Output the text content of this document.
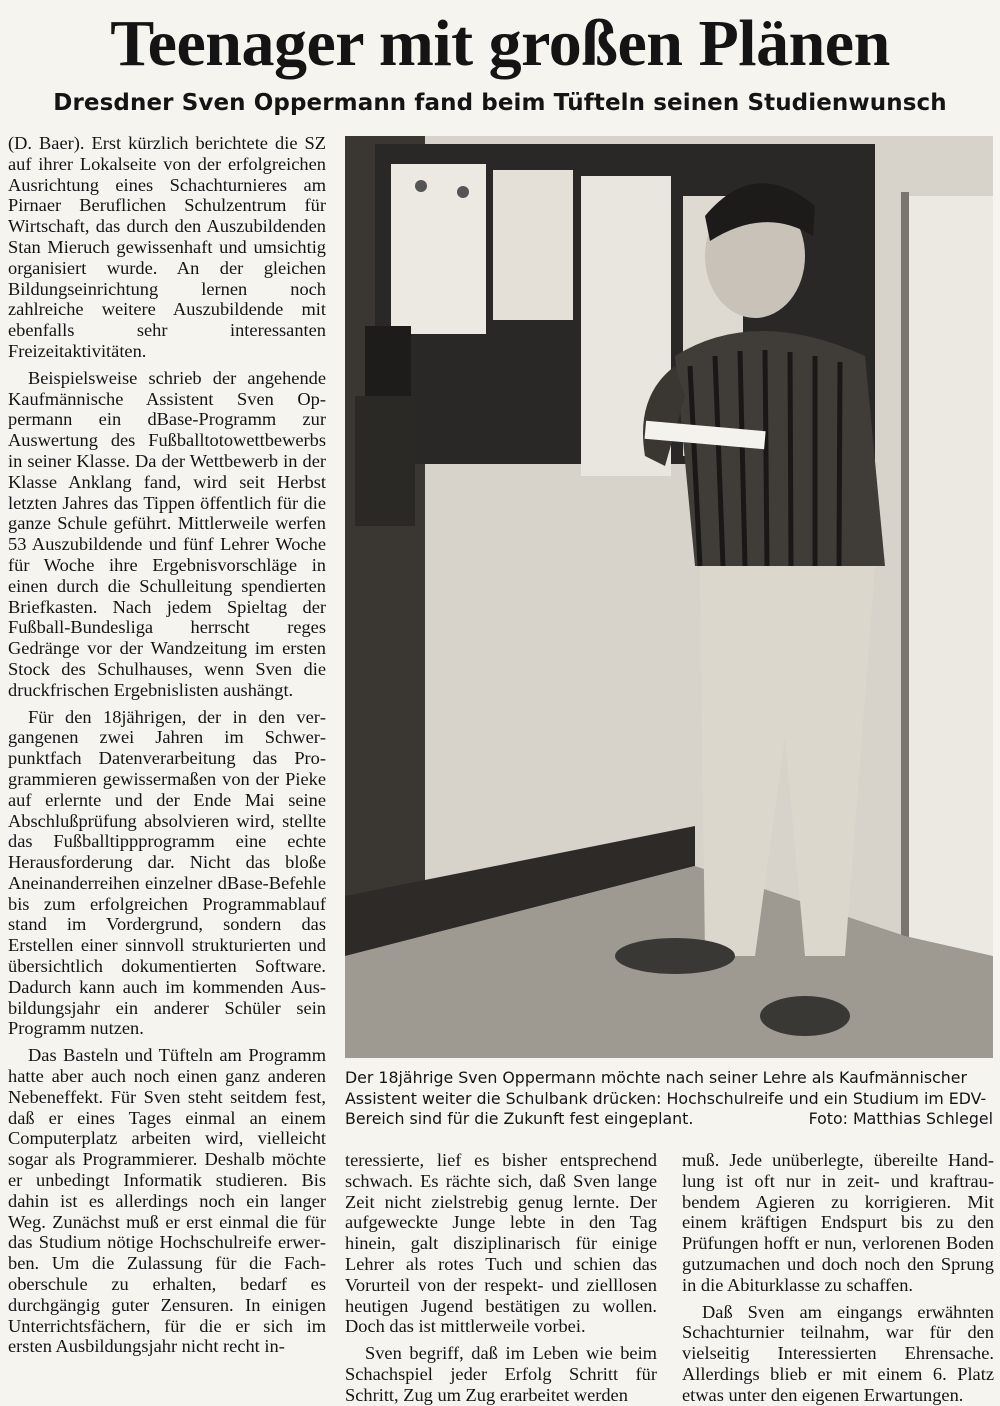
Teenager mit großen Plänen
Dresdner Sven Oppermann fand beim Tüfteln seinen Studienwunsch

(D. Baer). Erst kürzlich berichtete die SZ auf ihrer Lokalseite von der erfolgreichen Ausrichtung eines Schachturnieres am Pirnaer Beruflichen Schulzentrum für Wirtschaft, das durch den Auszubildenden Stan Mieruch gewissenhaft und umsichtig organisiert wurde. An der gleichen Bildungseinrichtung lernen noch zahlreiche weitere Auszubildende mit ebenfalls sehr interessanten Freizeitaktivitäten.

Beispielsweise schrieb der angehende Kaufmännische Assistent Sven Oppermann ein dBase-Programm zur Auswertung des Fußballtotowettbewerbs in seiner Klasse. Da der Wettbewerb in der Klasse Anklang fand, wird seit Herbst letzten Jahres das Tippen öffentlich für die ganze Schule geführt. Mittlerweile werfen 53 Auszubildende und fünf Lehrer Woche für Woche ihre Ergebnisvorschläge in einen durch die Schulleitung spendierten Briefkasten. Nach jedem Spieltag der Fußball-Bundesliga herrscht reges Gedränge vor der Wandzeitung im ersten Stock des Schulhauses, wenn Sven die druckfrischen Ergebnislisten aushängt.

Für den 18jährigen, der in den vergangenen zwei Jahren im Schwerpunktfach Datenverarbeitung das Programmieren gewissermaßen von der Pieke auf erlernte und der Ende Mai seine Abschlußprüfung absolvieren wird, stellte das Fußballtippprogramm eine echte Herausforderung dar. Nicht das bloße Aneinanderreihen einzelner dBase-Befehle bis zum erfolgreichen Programmablauf stand im Vordergrund, sondern das Erstellen einer sinnvoll strukturierten und übersichtlich dokumentierten Software. Dadurch kann auch im kommenden Ausbildungsjahr ein anderer Schüler sein Programm nutzen.

Das Basteln und Tüfteln am Programm hatte aber auch noch einen ganz anderen Nebeneffekt. Für Sven steht seitdem fest, daß er eines Tages einmal an einem Computerplatz arbeiten wird, vielleicht sogar als Programmierer. Deshalb möchte er unbedingt Informatik studieren. Bis dahin ist es allerdings noch ein langer Weg. Zunächst muß er erst einmal die für das Studium nötige Hochschulreife erwerben. Um die Zulassung für die Fachoberschule zu erhalten, bedarf es durchgängig guter Zensuren. In einigen Unterrichtsfächern, für die er sich im ersten Ausbildungsjahr nicht recht in-

Der 18jährige Sven Oppermann möchte nach seiner Lehre als Kaufmännischer Assistent weiter die Schulbank drücken: Hochschulreife und ein Studium im EDV-Bereich sind für die Zukunft fest eingeplant.	Foto: Matthias Schlegel

teressierte, lief es bisher entsprechend schwach. Es rächte sich, daß Sven lange Zeit nicht zielstrebig genug lernte. Der aufgeweckte Junge lebte in den Tag hinein, galt disziplinarisch für einige Lehrer als rotes Tuch und schien das Vorurteil von der respekt- und zielllosen heutigen Jugend bestätigen zu wollen. Doch das ist mittlerweile vorbei.

Sven begriff, daß im Leben wie beim Schachspiel jeder Erfolg Schritt für Schritt, Zug um Zug erarbeitet werden

muß. Jede unüberlegte, übereilte Handlung ist oft nur in zeit- und kraftraubendem Agieren zu korrigieren. Mit einem kräftigen Endspurt bis zu den Prüfungen hofft er nun, verlorenen Boden gutzumachen und doch noch den Sprung in die Abiturklasse zu schaffen.

Daß Sven am eingangs erwähnten Schachturnier teilnahm, war für den vielseitig Interessierten Ehrensache. Allerdings blieb er mit einem 6. Platz etwas unter den eigenen Erwartungen.
